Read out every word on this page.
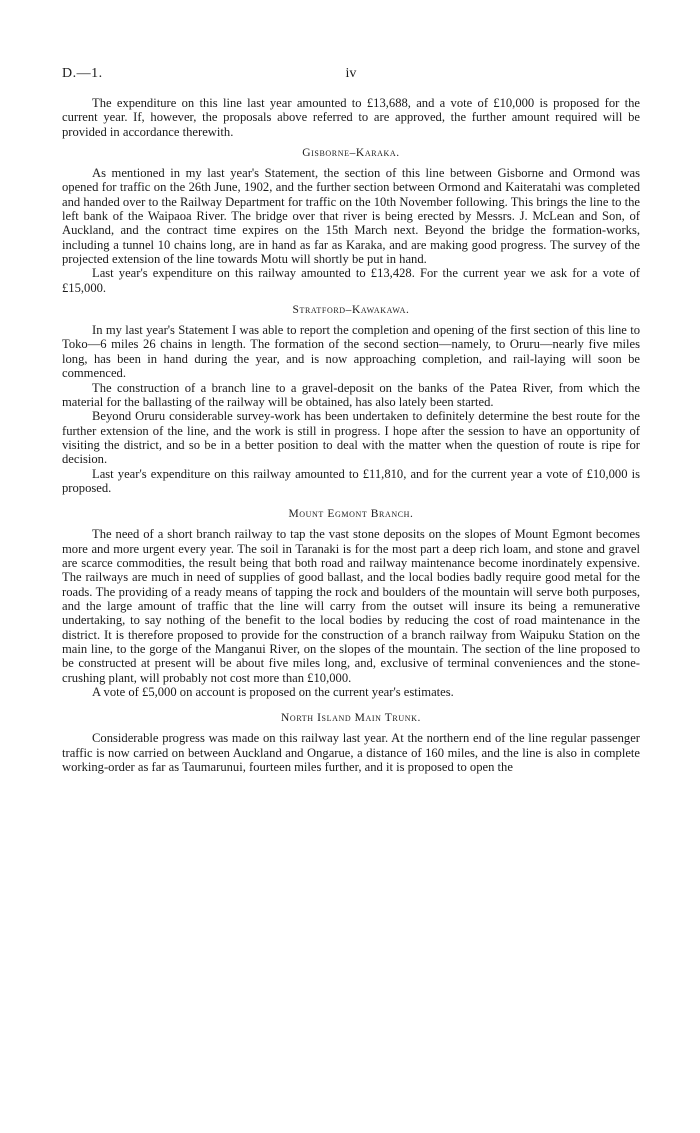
D.—1.	iv

The expenditure on this line last year amounted to £13,688, and a vote of £10,000 is proposed for the current year. If, however, the proposals above referred to are approved, the further amount required will be provided in accordance therewith.

Gisborne–Karaka.

As mentioned in my last year's Statement, the section of this line between Gisborne and Ormond was opened for traffic on the 26th June, 1902, and the further section between Ormond and Kaiteratahi was completed and handed over to the Railway Department for traffic on the 10th November following. This brings the line to the left bank of the Waipaoa River. The bridge over that river is being erected by Messrs. J. McLean and Son, of Auckland, and the contract time expires on the 15th March next. Beyond the bridge the formation-works, including a tunnel 10 chains long, are in hand as far as Karaka, and are making good progress. The survey of the projected extension of the line towards Motu will shortly be put in hand.

Last year's expenditure on this railway amounted to £13,428. For the current year we ask for a vote of £15,000.

Stratford–Kawakawa.

In my last year's Statement I was able to report the completion and opening of the first section of this line to Toko—6 miles 26 chains in length. The formation of the second section—namely, to Oruru—nearly five miles long, has been in hand during the year, and is now approaching completion, and rail-laying will soon be commenced.

The construction of a branch line to a gravel-deposit on the banks of the Patea River, from which the material for the ballasting of the railway will be obtained, has also lately been started.

Beyond Oruru considerable survey-work has been undertaken to definitely determine the best route for the further extension of the line, and the work is still in progress. I hope after the session to have an opportunity of visiting the district, and so be in a better position to deal with the matter when the question of route is ripe for decision.

Last year's expenditure on this railway amounted to £11,810, and for the current year a vote of £10,000 is proposed.

Mount Egmont Branch.

The need of a short branch railway to tap the vast stone deposits on the slopes of Mount Egmont becomes more and more urgent every year. The soil in Taranaki is for the most part a deep rich loam, and stone and gravel are scarce commodities, the result being that both road and railway maintenance become inordinately expensive. The railways are much in need of supplies of good ballast, and the local bodies badly require good metal for the roads. The providing of a ready means of tapping the rock and boulders of the mountain will serve both purposes, and the large amount of traffic that the line will carry from the outset will insure its being a remunerative undertaking, to say nothing of the benefit to the local bodies by reducing the cost of road maintenance in the district. It is therefore proposed to provide for the construction of a branch railway from Waipuku Station on the main line, to the gorge of the Manganui River, on the slopes of the mountain. The section of the line proposed to be constructed at present will be about five miles long, and, exclusive of terminal conveniences and the stone-crushing plant, will probably not cost more than £10,000.

A vote of £5,000 on account is proposed on the current year's estimates.

North Island Main Trunk.

Considerable progress was made on this railway last year. At the northern end of the line regular passenger traffic is now carried on between Auckland and Ongarue, a distance of 160 miles, and the line is also in complete working-order as far as Taumarunui, fourteen miles further, and it is proposed to open the
